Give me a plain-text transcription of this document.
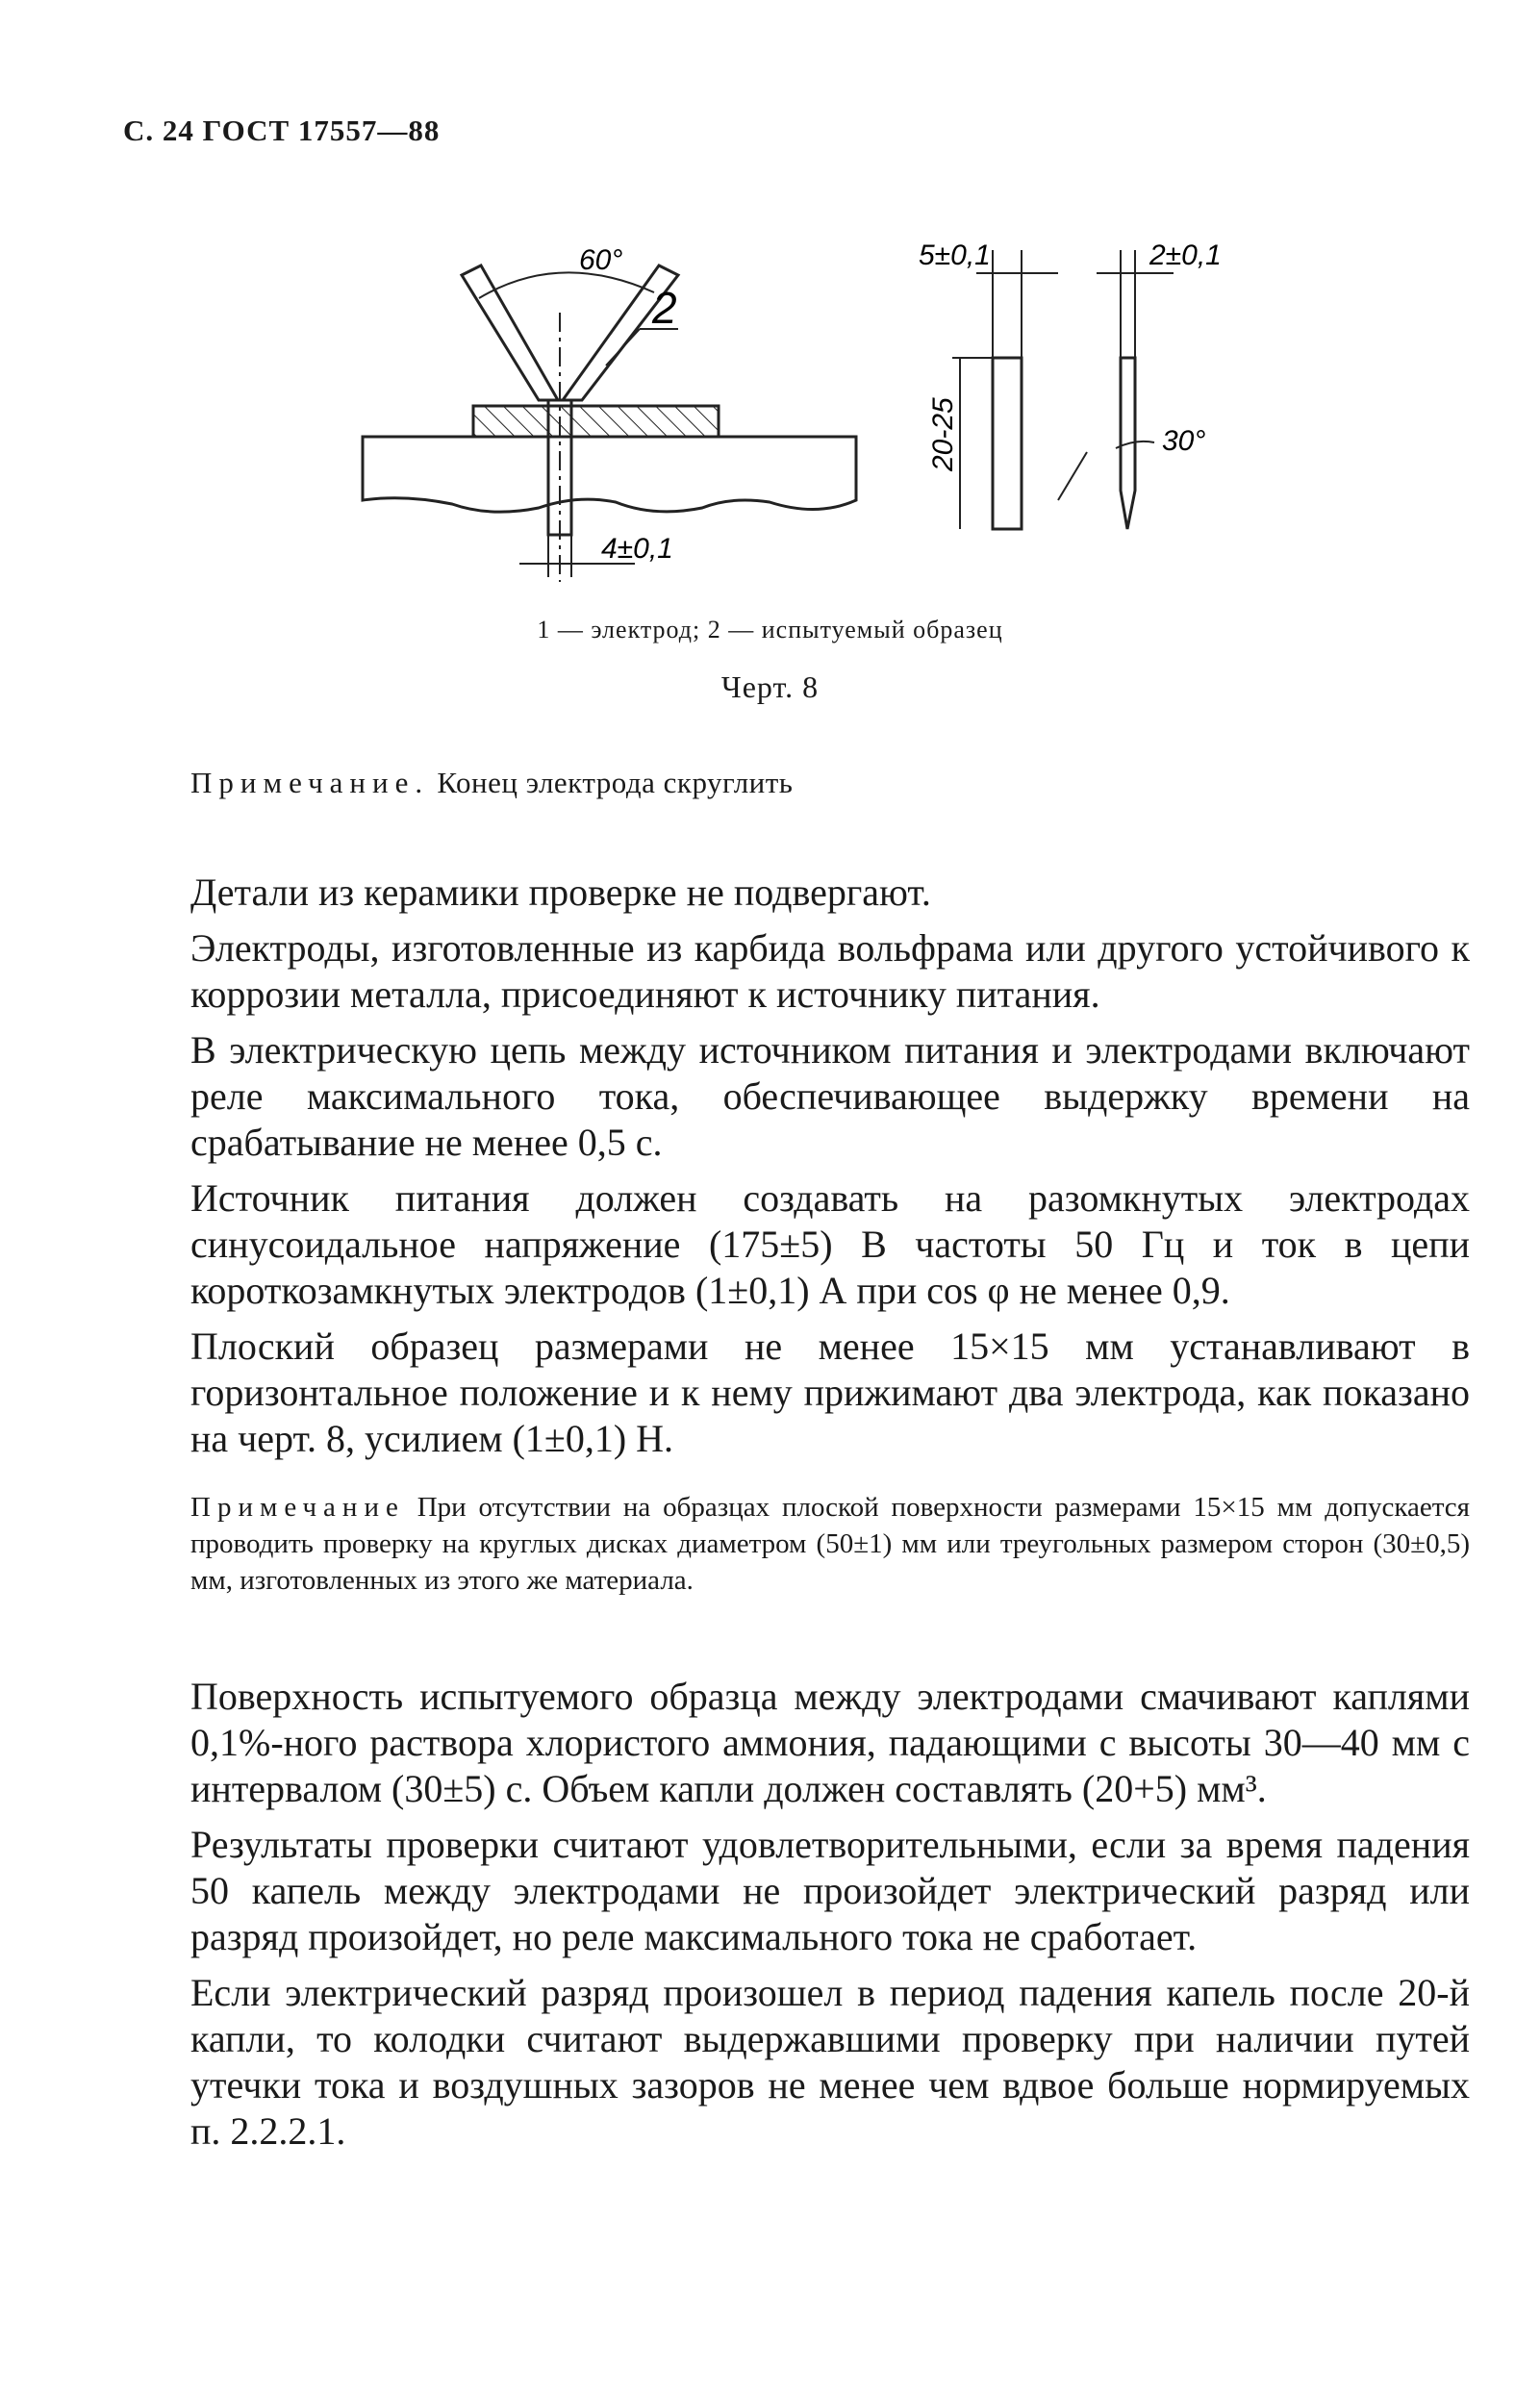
С. 24 ГОСТ 17557—88
60°
2
4±0,1
5±0,1
20-25
2±0,1
30°
1 — электрод; 2 — испытуемый образец
Черт. 8
Примечание. Конец электрода скруглить

Детали из керамики проверке не подвергают.

Электроды, изготовленные из карбида вольфрама или другого устойчивого к коррозии металла, присоединяют к источнику питания.

В электрическую цепь между источником питания и электродами включают реле максимального тока, обеспечивающее выдержку времени на срабатывание не менее 0,5 с.

Источник питания должен создавать на разомкнутых электродах синусоидальное напряжение (175±5) В частоты 50 Гц и ток в цепи короткозамкнутых электродов (1±0,1) А при cos φ не менее 0,9.

Плоский образец размерами не менее 15×15 мм устанавливают в горизонтальное положение и к нему прижимают два электрода, как показано на черт. 8, усилием (1±0,1) Н.

Примечание При отсутствии на образцах плоской поверхности размерами 15×15 мм допускается проводить проверку на круглых дисках диаметром (50±1) мм или треугольных размером сторон (30±0,5) мм, изготовленных из этого же материала.

Поверхность испытуемого образца между электродами смачивают каплями 0,1%-ного раствора хлористого аммония, падающими с высоты 30—40 мм с интервалом (30±5) с. Объем капли должен составлять (20+5) мм³.

Результаты проверки считают удовлетворительными, если за время падения 50 капель между электродами не произойдет электрический разряд или разряд произойдет, но реле максимального тока не сработает.

Если электрический разряд произошел в период падения капель после 20-й капли, то колодки считают выдержавшими проверку при наличии путей утечки тока и воздушных зазоров не менее чем вдвое больше нормируемых п. 2.2.2.1.
